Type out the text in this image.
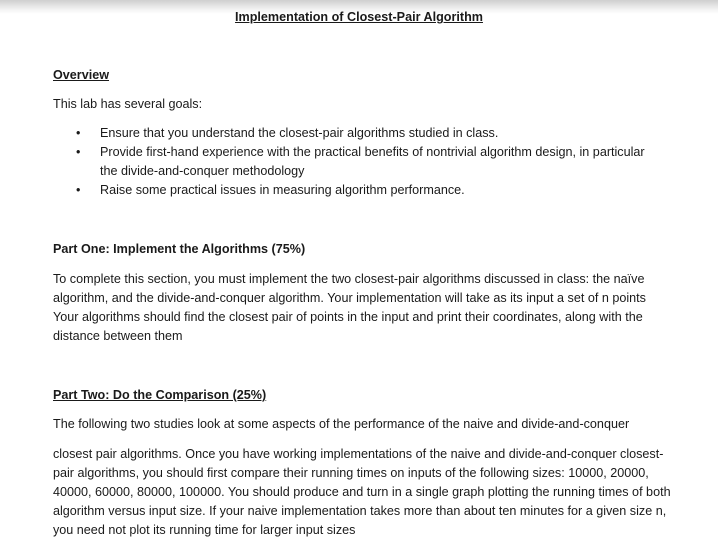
Implementation of Closest-Pair Algorithm
Overview
This lab has several goals:
• Ensure that you understand the closest-pair algorithms studied in class.
• Provide first-hand experience with the practical benefits of nontrivial algorithm design, in particular the divide-and-conquer methodology
• Raise some practical issues in measuring algorithm performance.
Part One: Implement the Algorithms (75%)
To complete this section, you must implement the two closest-pair algorithms discussed in class: the naïve algorithm, and the divide-and-conquer algorithm. Your implementation will take as its input a set of n points Your algorithms should find the closest pair of points in the input and print their coordinates, along with the distance between them
Part Two: Do the Comparison (25%)
The following two studies look at some aspects of the performance of the naive and divide-and-conquer
closest pair algorithms. Once you have working implementations of the naive and divide-and-conquer closest-pair algorithms, you should first compare their running times on inputs of the following sizes: 10000, 20000, 40000, 60000, 80000, 100000. You should produce and turn in a single graph plotting the running times of both algorithm versus input size. If your naive implementation takes more than about ten minutes for a given size n, you need not plot its running time for larger input sizes
